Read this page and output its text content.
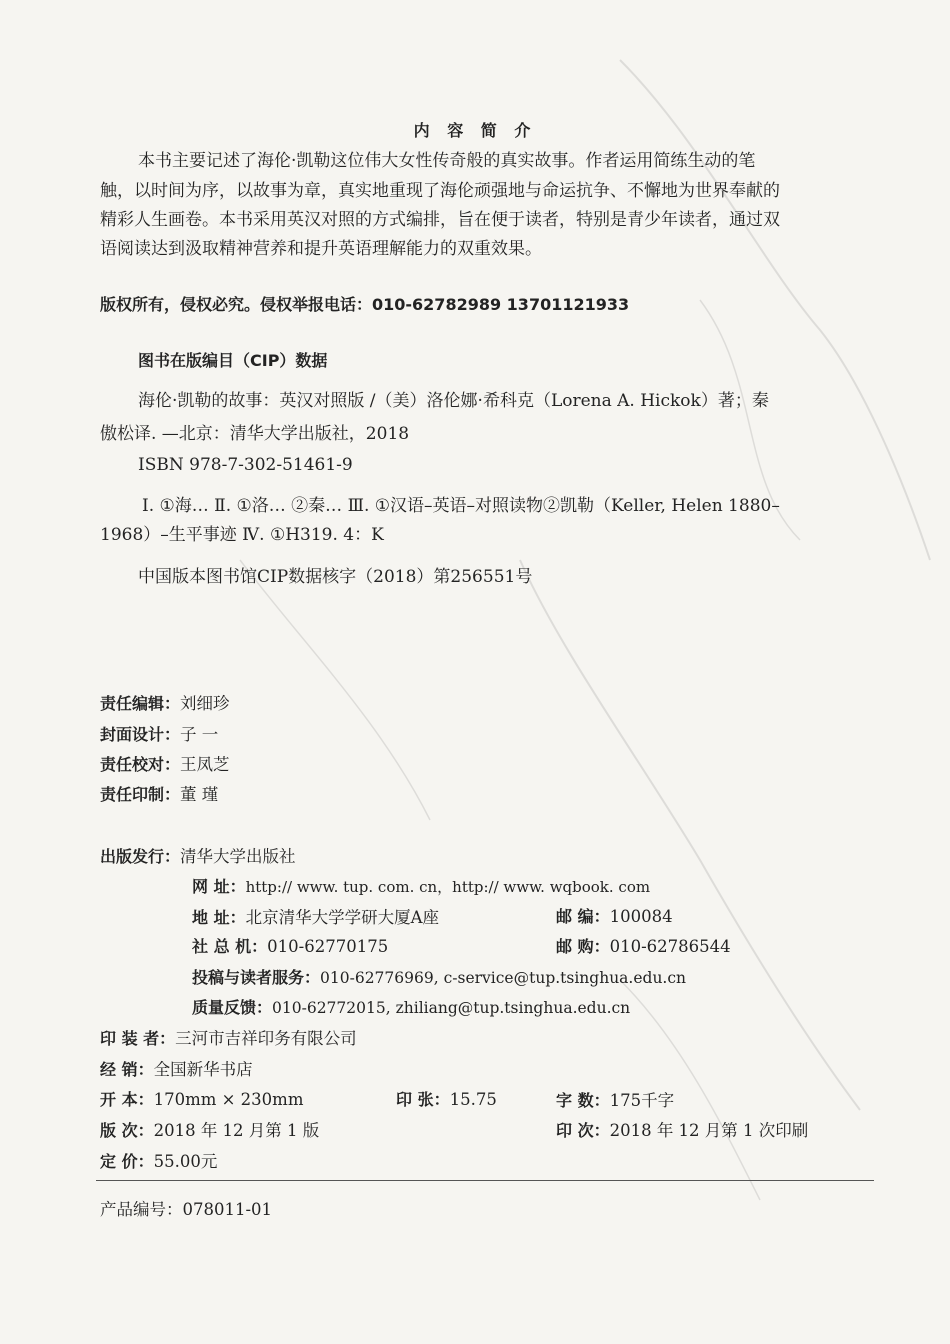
内 容 简 介
本书主要记述了海伦·凯勒这位伟大女性传奇般的真实故事。作者运用简练生动的笔
触，以时间为序，以故事为章，真实地重现了海伦顽强地与命运抗争、不懈地为世界奉献的
精彩人生画卷。本书采用英汉对照的方式编排，旨在便于读者，特别是青少年读者，通过双
语阅读达到汲取精神营养和提升英语理解能力的双重效果。
版权所有，侵权必究。侵权举报电话：010-62782989 13701121933
图书在版编目（CIP）数据
海伦·凯勒的故事：英汉对照版 /（美）洛伦娜·希科克（Lorena A. Hickok）著；秦
傲松译. —北京：清华大学出版社，2018
ISBN 978-7-302-51461-9
Ⅰ. ①海… Ⅱ. ①洛… ②秦… Ⅲ. ①汉语–英语–对照读物②凯勒（Keller, Helen 1880–
1968）–生平事迹 Ⅳ. ①H319. 4：K
中国版本图书馆CIP数据核字（2018）第256551号
责任编辑：刘细珍
封面设计：子 一
责任校对：王凤芝
责任印制：董 瑾
出版发行：清华大学出版社
网 址：http:// www. tup. com. cn，http:// www. wqbook. com
地 址：北京清华大学学研大厦A座	邮 编：100084
社 总 机：010-62770175	邮 购：010-62786544
投稿与读者服务：010-62776969, c-service@tup.tsinghua.edu.cn
质量反馈：010-62772015, zhiliang@tup.tsinghua.edu.cn
印 装 者：三河市吉祥印务有限公司
经 销：全国新华书店
开 本：170mm × 230mm	印 张：15.75	字 数：175千字
版 次：2018 年 12 月第 1 版	印 次：2018 年 12 月第 1 次印刷
定 价：55.00元
产品编号：078011-01
